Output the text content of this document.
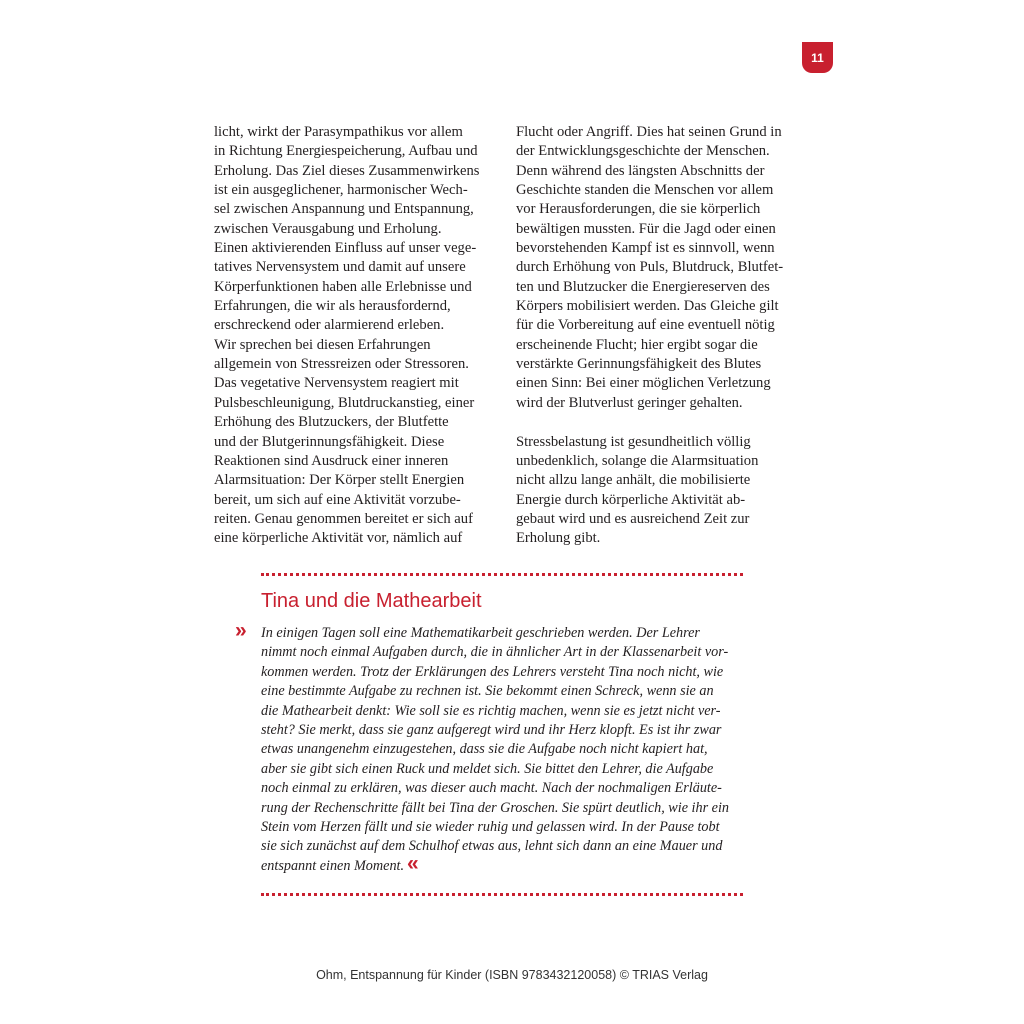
11
licht, wirkt der Parasympathikus vor allem
in Richtung Energiespeicherung, Aufbau und
Erholung. Das Ziel dieses Zusammenwirkens
ist ein ausgeglichener, harmonischer Wech-
sel zwischen Anspannung und Entspannung,
zwischen Verausgabung und Erholung.
Einen aktivierenden Einfluss auf unser vege-
tatives Nervensystem und damit auf unsere
Körperfunktionen haben alle Erlebnisse und
Erfahrungen, die wir als herausfordernd,
erschreckend oder alarmierend erleben.
Wir sprechen bei diesen Erfahrungen
allgemein von Stressreizen oder Stressoren.
Das vegetative Nervensystem reagiert mit
Pulsbeschleunigung, Blutdruckanstieg, einer
Erhöhung des Blutzuckers, der Blutfette
und der Blutgerinnungsfähigkeit. Diese
Reaktionen sind Ausdruck einer inneren
Alarmsituation: Der Körper stellt Energien
bereit, um sich auf eine Aktivität vorzube-
reiten. Genau genommen bereitet er sich auf
eine körperliche Aktivität vor, nämlich auf
Flucht oder Angriff. Dies hat seinen Grund in
der Entwicklungsgeschichte der Menschen.
Denn während des längsten Abschnitts der
Geschichte standen die Menschen vor allem
vor Herausforderungen, die sie körperlich
bewältigen mussten. Für die Jagd oder einen
bevorstehenden Kampf ist es sinnvoll, wenn
durch Erhöhung von Puls, Blutdruck, Blutfet-
ten und Blutzucker die Energiereserven des
Körpers mobilisiert werden. Das Gleiche gilt
für die Vorbereitung auf eine eventuell nötig
erscheinende Flucht; hier ergibt sogar die
verstärkte Gerinnungsfähigkeit des Blutes
einen Sinn: Bei einer möglichen Verletzung
wird der Blutverlust geringer gehalten.
Stressbelastung ist gesundheitlich völlig
unbedenklich, solange die Alarmsituation
nicht allzu lange anhält, die mobilisierte
Energie durch körperliche Aktivität ab-
gebaut wird und es ausreichend Zeit zur
Erholung gibt.
Tina und die Mathearbeit
» In einigen Tagen soll eine Mathematikarbeit geschrieben werden. Der Lehrer
nimmt noch einmal Aufgaben durch, die in ähnlicher Art in der Klassenarbeit vor-
kommen werden. Trotz der Erklärungen des Lehrers versteht Tina noch nicht, wie
eine bestimmte Aufgabe zu rechnen ist. Sie bekommt einen Schreck, wenn sie an
die Mathearbeit denkt: Wie soll sie es richtig machen, wenn sie es jetzt nicht ver-
steht? Sie merkt, dass sie ganz aufgeregt wird und ihr Herz klopft. Es ist ihr zwar
etwas unangenehm einzugestehen, dass sie die Aufgabe noch nicht kapiert hat,
aber sie gibt sich einen Ruck und meldet sich. Sie bittet den Lehrer, die Aufgabe
noch einmal zu erklären, was dieser auch macht. Nach der nochmaligen Erläute-
rung der Rechenschritte fällt bei Tina der Groschen. Sie spürt deutlich, wie ihr ein
Stein vom Herzen fällt und sie wieder ruhig und gelassen wird. In der Pause tobt
sie sich zunächst auf dem Schulhof etwas aus, lehnt sich dann an eine Mauer und
entspannt einen Moment. «
Ohm, Entspannung für Kinder (ISBN 9783432120058) © TRIAS Verlag
